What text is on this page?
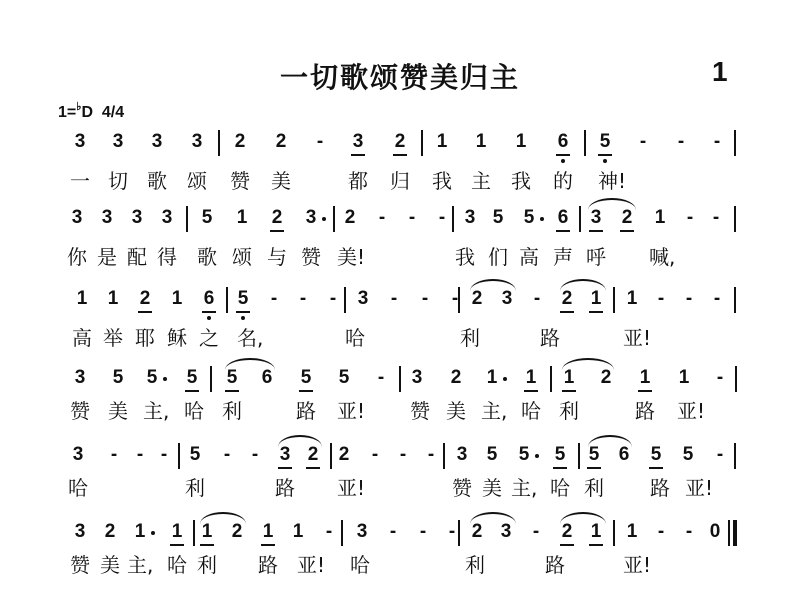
一切歌颂赞美归主	1
1=♭D 4/4
3 3 3 3 2 2 - 3 2 1 1 1 6 5 - - -
一 切 歌 颂 赞 美	都 归 我 主 我 的 神!
3 3 3 3 5 1 2 3 2 - - - 3 5 5 6 3 2 1 - -
你 是 配 得 歌 颂 与 赞 美!	我 们 高 声 呼 喊,
1 1 2 1 6 5 - - - 3 - - - 2 3 - 2 1 1 - - -
高 举 耶 稣 之 名,	哈	利	路	亚!
3 5 5 5 5 6 5 5 - 3 2 1 1 1 2 1 1 -
赞 美 主, 哈 利	路 亚! 赞 美 主, 哈 利	路 亚!
3 - - - 5 - - 3 2 2 - - - 3 5 5 5 5 6 5 5 -
哈	利	路 亚!	赞 美 主, 哈 利 路 亚!
3 2 1 1 1 2 1 1 - 3 - - - 2 3 - 2 1 1 - - 0
赞 美 主, 哈 利 路 亚! 哈	利	路	亚!
